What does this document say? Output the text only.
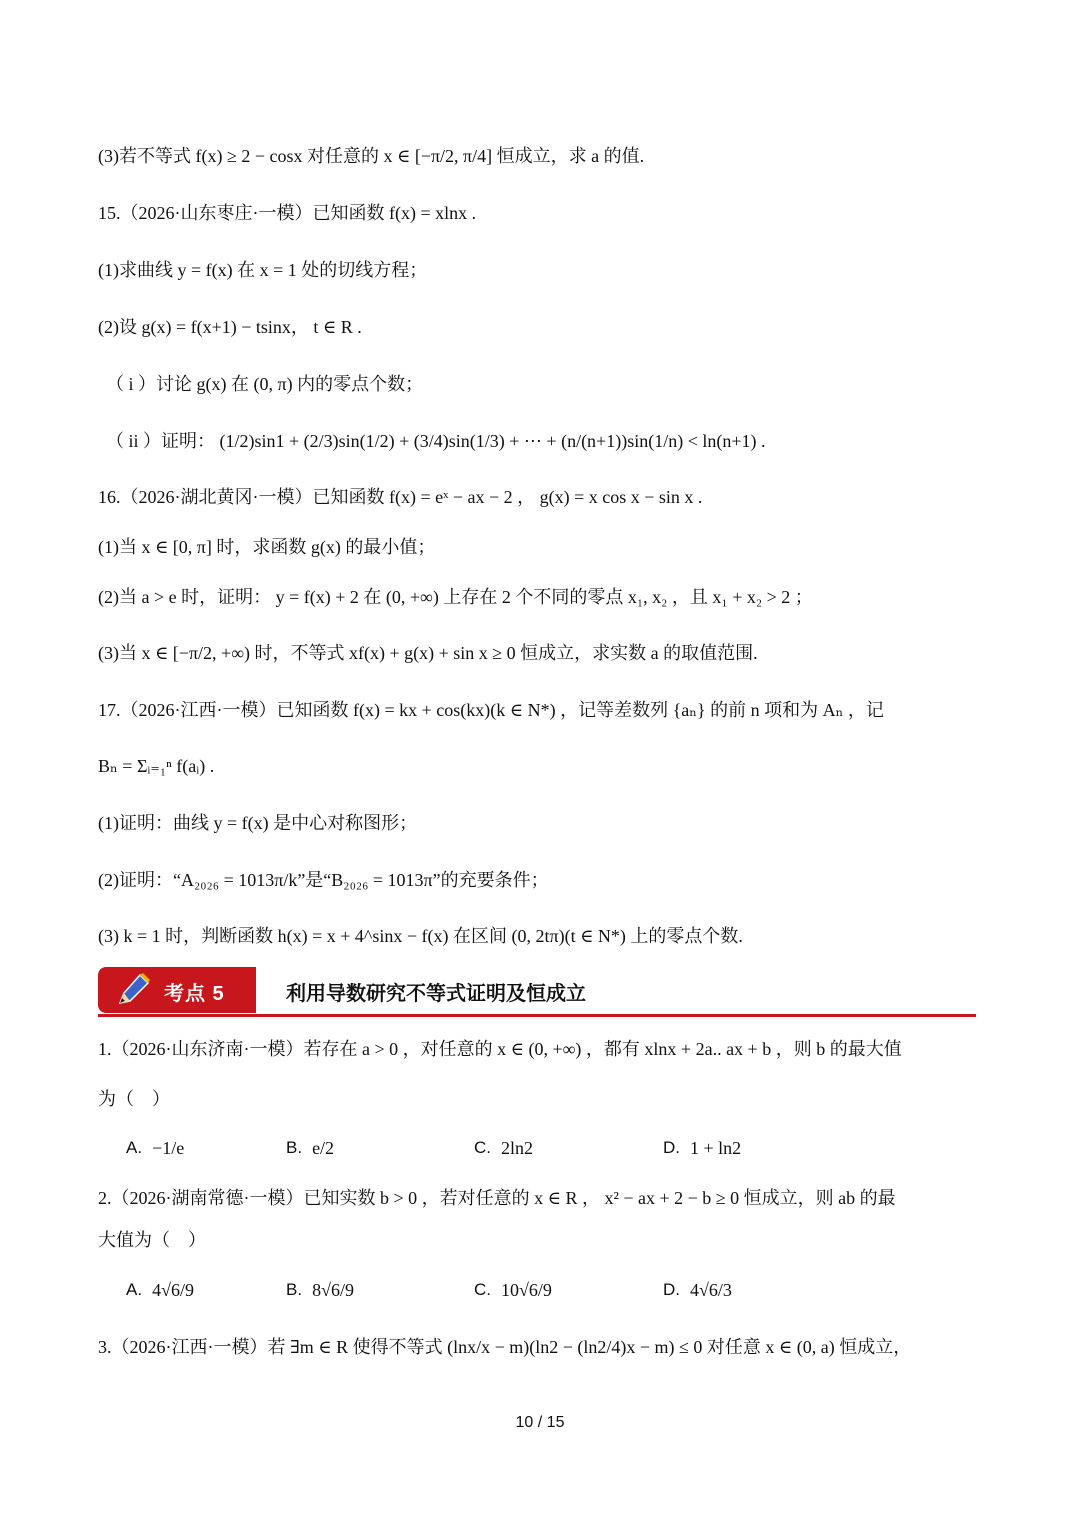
(3)若不等式 f(x) ≥ 2 − cosx 对任意的 x ∈ [−π/2, π/4] 恒成立，求 a 的值.
15.（2026·山东枣庄·一模）已知函数 f(x) = xlnx .
(1)求曲线 y = f(x) 在 x = 1 处的切线方程；
(2)设 g(x) = f(x+1) − tsinx， t ∈ R .
（ i ）讨论 g(x) 在 (0, π) 内的零点个数；
（ ii ）证明： (1/2)sin1 + (2/3)sin(1/2) + (3/4)sin(1/3) + ⋯ + (n/(n+1))sin(1/n) < ln(n+1) .
16.（2026·湖北黄冈·一模）已知函数 f(x) = eˣ − ax − 2 ， g(x) = x cos x − sin x .
(1)当 x ∈ [0, π] 时，求函数 g(x) 的最小值；
(2)当 a > e 时，证明： y = f(x) + 2 在 (0, +∞) 上存在 2 个不同的零点 x₁, x₂ ，且 x₁ + x₂ > 2 ；
(3)当 x ∈ [−π/2, +∞) 时，不等式 xf(x) + g(x) + sin x ≥ 0 恒成立，求实数 a 的取值范围.
17.（2026·江西·一模）已知函数 f(x) = kx + cos(kx)(k ∈ N*) ，记等差数列 {aₙ} 的前 n 项和为 Aₙ ，记
Bₙ = Σᵢ₌₁ⁿ f(aᵢ) .
(1)证明：曲线 y = f(x) 是中心对称图形；
(2)证明：“A₂₀₂₆ = 1013π/k”是“B₂₀₂₆ = 1013π”的充要条件；
(3) k = 1 时，判断函数 h(x) = x + 4^sinx − f(x) 在区间 (0, 2tπ)(t ∈ N*) 上的零点个数.
考点 5	利用导数研究不等式证明及恒成立
1.（2026·山东济南·一模）若存在 a > 0 ，对任意的 x ∈ (0, +∞) ，都有 xlnx + 2a.. ax + b ，则 b 的最大值
为（　）
A. −1/e	B. e/2	C. 2ln2	D. 1 + ln2
2.（2026·湖南常德·一模）已知实数 b > 0 ，若对任意的 x ∈ R ， x² − ax + 2 − b ≥ 0 恒成立，则 ab 的最
大值为（　）
A. 4√6/9	B. 8√6/9	C. 10√6/9	D. 4√6/3
3.（2026·江西·一模）若 ∃m ∈ R 使得不等式 (lnx/x − m)(ln2 − (ln2/4)x − m) ≤ 0 对任意 x ∈ (0, a) 恒成立，
10 / 15
